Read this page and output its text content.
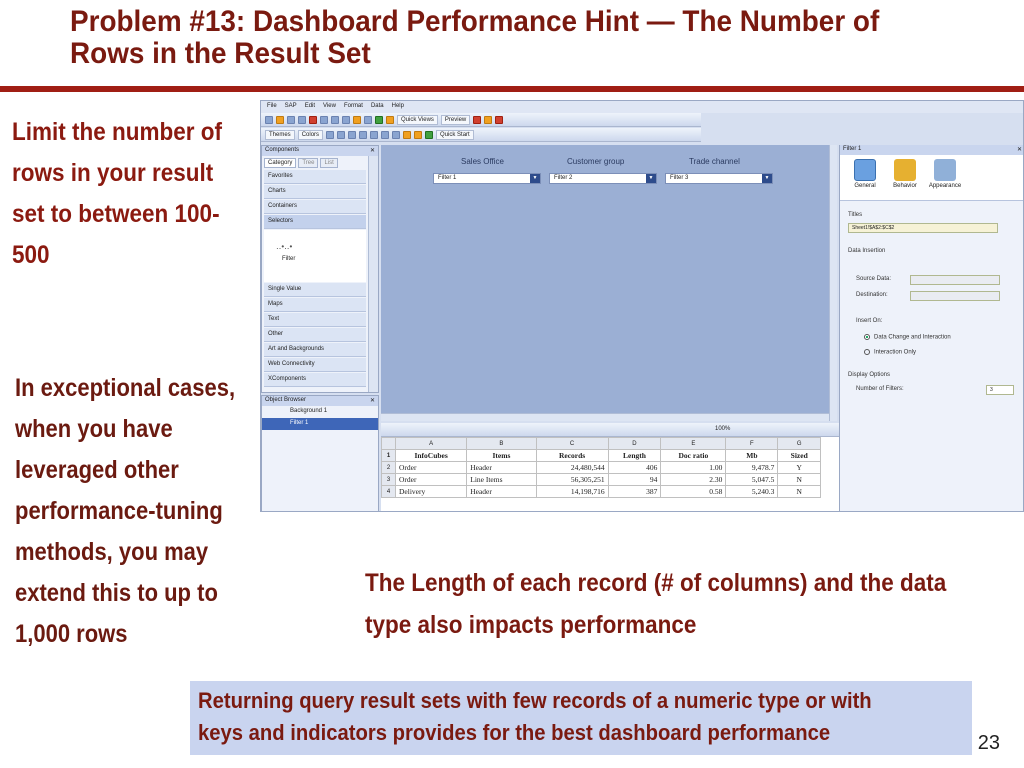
Problem #13: Dashboard Performance Hint — The Number of Rows in the Result Set
Limit the number of rows in your result set to between 100-500
In exceptional cases, when you have leveraged other performance-tuning methods, you may extend this to up to 1,000 rows
File SAP Edit View Format Data Help
Quick Views	Preview
Themes	Colors	Quick Start
Components	✕
Category	Tree	List
Favorites
Charts
Containers
Selectors
‥•‥•
Filter
Single Value
Maps
Text
Other
Art and Backgrounds
Web Connectivity
XComponents
Object Browser	✕
Background 1
Filter 1
Sales Office	Customer group	Trade channel
Filter 1	▼	Filter 2	▼	Filter 3	▼
Filter 1	✕
General	Behavior Appearance
Titles
Sheet1!$A$2:$C$2
Data Insertion
Source Data:
Destination:
Insert On:
Data Change and Interaction
Interaction Only
Display Options
Number of Filters:	3
100%
	A	B	C	D	E	F	G
1	InfoCubes	Items	Records	Length	Doc ratio	Mb	Sized
2	Order	Header	24,480,544	406	1.00	9,478.7	Y
3	Order	Line Items	56,305,251	94	2.30	5,047.5	N
4	Delivery	Header	14,198,716	387	0.58	5,240.3	N
The Length of each record (# of columns) and the data type also impacts performance
Returning query result sets with few records of a numeric type or with
keys and indicators provides for the best dashboard performance	23
